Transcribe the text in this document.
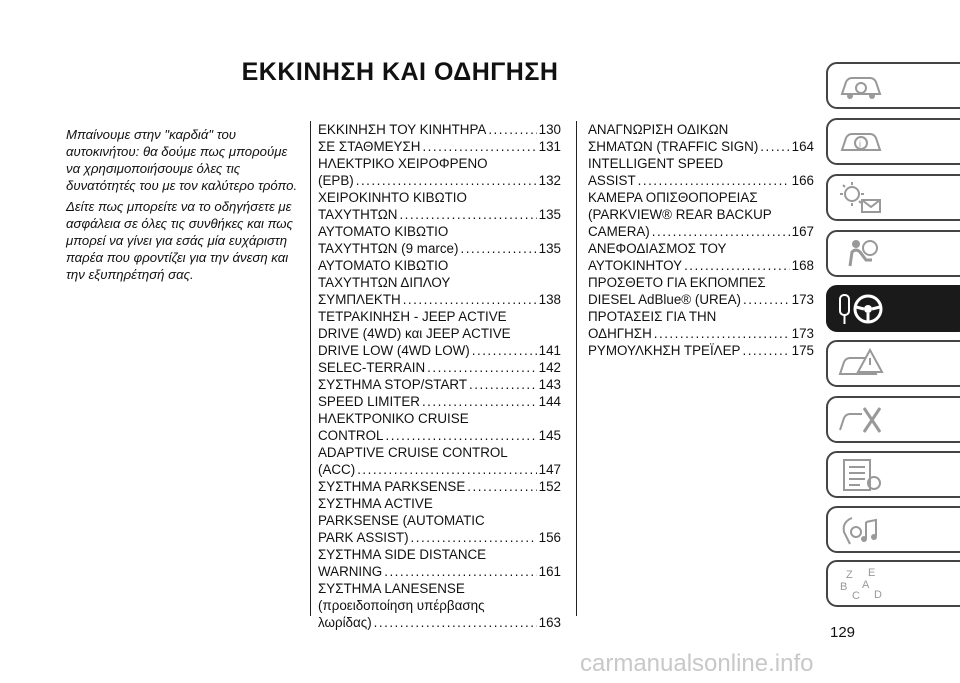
ΕΚΚΙΝΗΣΗ ΚΑΙ ΟΔΗΓΗΣΗ

Μπαίνουμε στην "καρδιά" του αυτοκινήτου: θα δούμε πως μπορούμε να χρησιμοποιήσουμε όλες τις δυνατότητές του με τον καλύτερο τρόπο.

Δείτε πως μπορείτε να το οδηγήσετε με ασφάλεια σε όλες τις συνθήκες και πως μπορεί να γίνει για εσάς μία ευχάριστη παρέα που φροντίζει για την άνεση και την εξυπηρέτησή σας.

ΕΚΚΙΝΗΣΗ ΤΟΥ ΚΙΝΗΤΗΡΑ .....	130
ΣΕ ΣΤΑΘΜΕΥΣΗ .....	131
ΗΛΕΚΤΡΙΚΟ ΧΕΙΡΟΦΡΕΝΟ
(EPB) .....	132
ΧΕΙΡΟΚΙΝΗΤΟ ΚΙΒΩΤΙΟ
ΤΑΧΥΤΗΤΩΝ .....	135
ΑΥΤΟΜΑΤΟ ΚΙΒΩΤΙΟ
ΤΑΧΥΤΗΤΩΝ (9 marce) .....	135
ΑΥΤΟΜΑΤΟ ΚΙΒΩΤΙΟ
ΤΑΧΥΤΗΤΩΝ ΔΙΠΛΟΥ
ΣΥΜΠΛΕΚΤΗ .....	138
ΤΕΤΡΑΚΙΝΗΣΗ - JEEP ACTIVE
DRIVE (4WD) και JEEP ACTIVE
DRIVE LOW (4WD LOW) .....	141
SELEC-TERRAIN .....	142
ΣΥΣΤΗΜΑ STOP/START .....	143
SPEED LIMITER .....	144
ΗΛΕΚΤΡΟΝΙΚΟ CRUISE
CONTROL .....	145
ADAPTIVE CRUISE CONTROL
(ACC) .....	147
ΣΥΣΤΗΜΑ PARKSENSE .....	152
ΣΥΣΤΗΜΑ ACTIVE
PARKSENSE (AUTOMATIC
PARK ASSIST) .....	156
ΣΥΣΤΗΜΑ SIDE DISTANCE
WARNING .....	161
ΣΥΣΤΗΜΑ LANESENSE
(προειδοποίηση υπέρβασης
λωρίδας) .....	163
ΑΝΑΓΝΩΡΙΣΗ ΟΔΙΚΩΝ
ΣΗΜΑΤΩΝ (TRAFFIC SIGN) ..... 164
INTELLIGENT SPEED
ASSIST .....	166
ΚΑΜΕΡΑ ΟΠΙΣΘΟΠΟΡΕΙΑΣ
(PARKVIEW® REAR BACKUP
CAMERA) .....	167
ΑΝΕΦΟΔΙΑΣΜΟΣ ΤΟΥ
ΑΥΤΟΚΙΝΗΤΟΥ .....	168
ΠΡΟΣΘΕΤΟ ΓΙΑ ΕΚΠΟΜΠΕΣ
DIESEL AdBlue® (UREA) .....	173
ΠΡΟΤΑΣΕΙΣ ΓΙΑ ΤΗΝ
ΟΔΗΓΗΣΗ .....	173
ΡΥΜΟΥΛΚΗΣΗ ΤΡΕΪΛΕΡ .....	175
i
Z E
B A
C D
129
carmanualsonline.info
